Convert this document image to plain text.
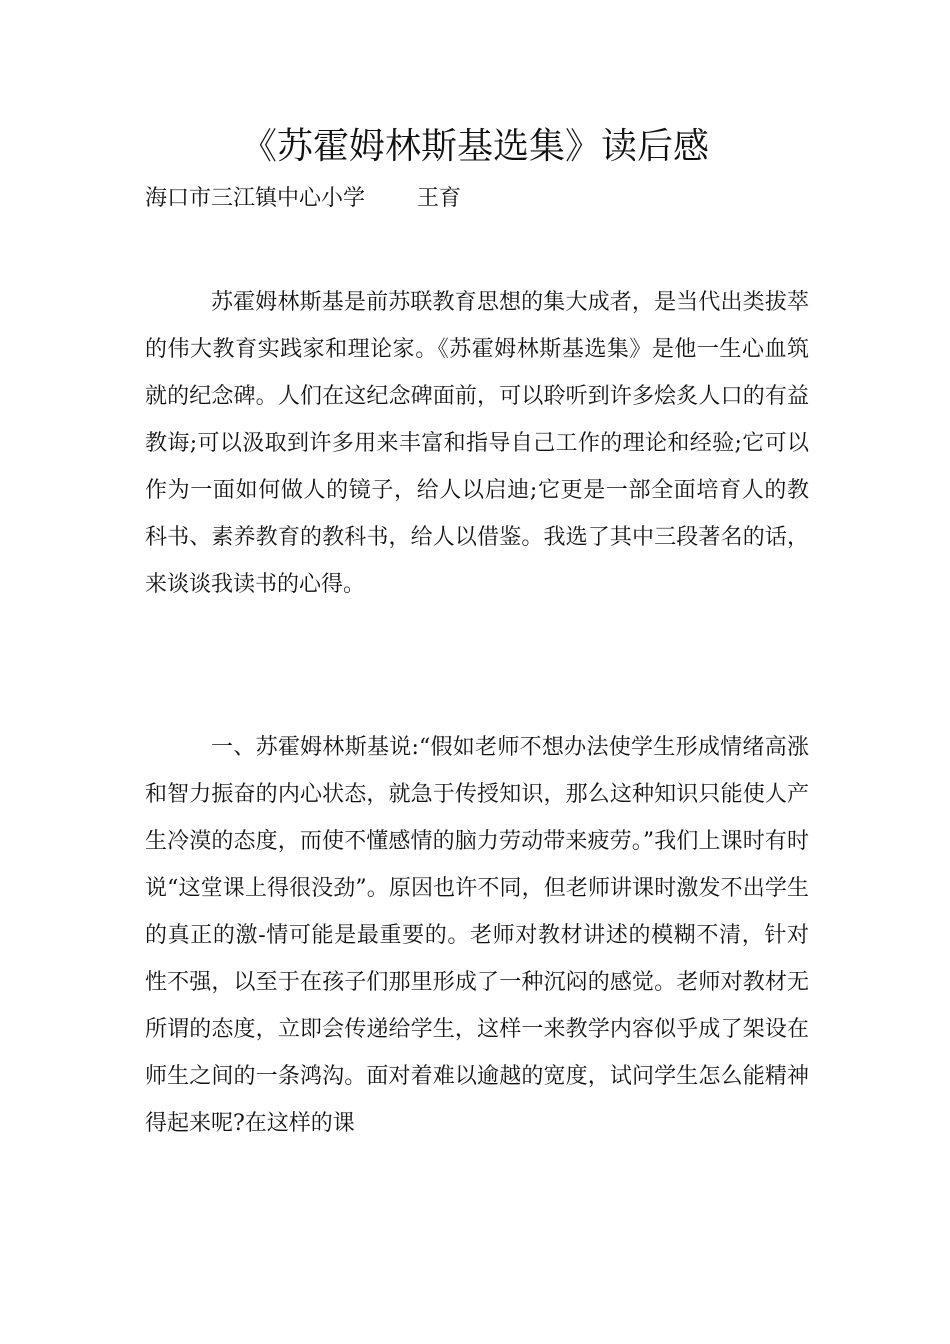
《苏霍姆林斯基选集》读后感
海口市三江镇中心小学 王育

苏霍姆林斯基是前苏联教育思想的集大成者，是当代出类拔萃的伟大教育实践家和理论家。《苏霍姆林斯基选集》是他一生心血筑就的纪念碑。人们在这纪念碑面前，可以聆听到许多烩炙人口的有益教诲;可以汲取到许多用来丰富和指导自己工作的理论和经验;它可以作为一面如何做人的镜子，给人以启迪;它更是一部全面培育人的教科书、素养教育的教科书，给人以借鉴。我选了其中三段著名的话，来谈谈我读书的心得。

一、苏霍姆林斯基说:“假如老师不想办法使学生形成情绪高涨和智力振奋的内心状态，就急于传授知识，那么这种知识只能使人产生冷漠的态度，而使不懂感情的脑力劳动带来疲劳。”我们上课时有时说“这堂课上得很没劲”。原因也许不同，但老师讲课时激发不出学生的真正的激-情可能是最重要的。老师对教材讲述的模糊不清，针对性不强，以至于在孩子们那里形成了一种沉闷的感觉。老师对教材无所谓的态度，立即会传递给学生，这样一来教学内容似乎成了架设在师生之间的一条鸿沟。面对着难以逾越的宽度，试问学生怎么能精神得起来呢?在这样的课
